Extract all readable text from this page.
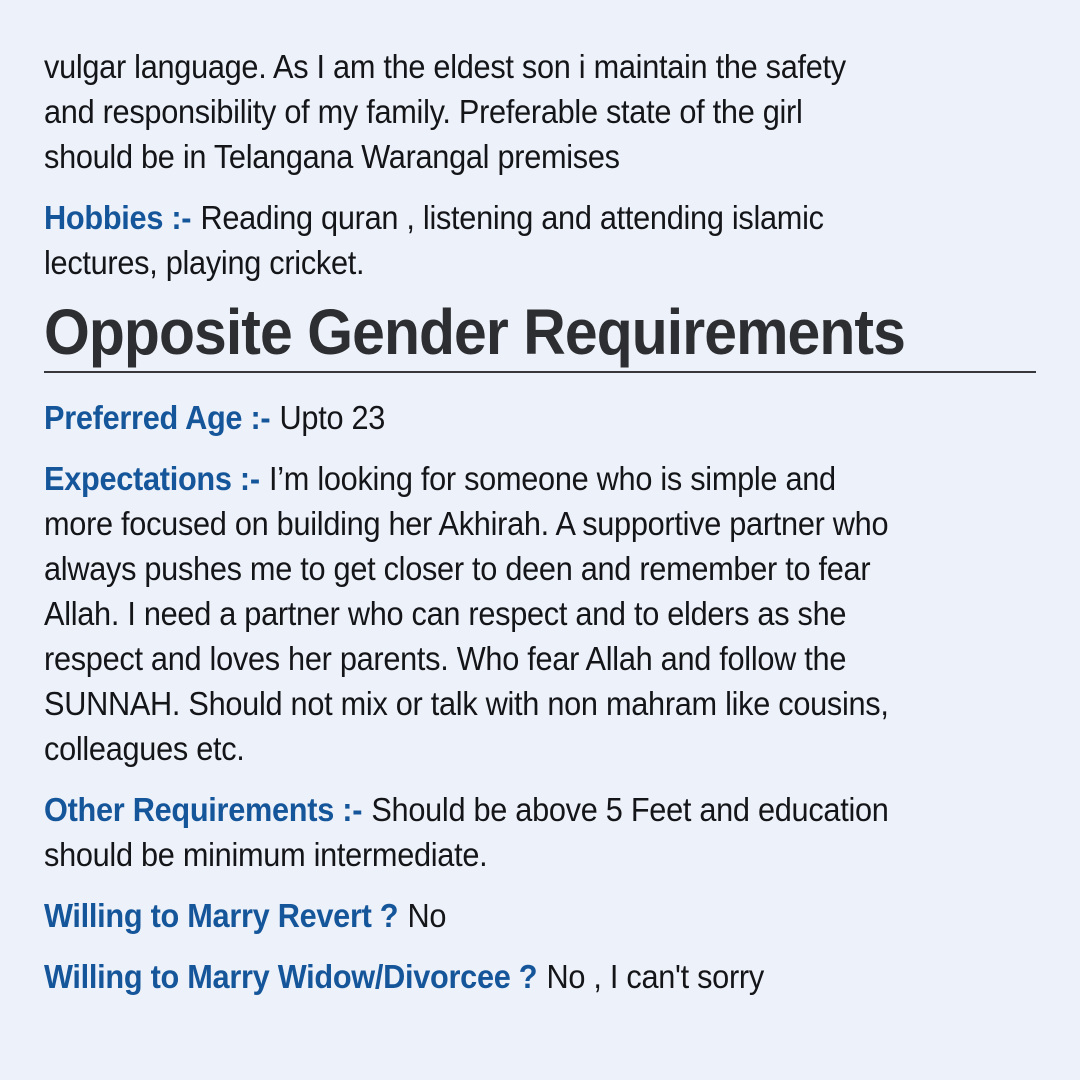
vulgar language. As I am the eldest son i maintain the safety
and responsibility of my family. Preferable state of the girl
should be in Telangana Warangal premises

Hobbies :- Reading quran , listening and attending islamic
lectures, playing cricket.

Opposite Gender Requirements

Preferred Age :- Upto 23

Expectations :- I’m looking for someone who is simple and
more focused on building her Akhirah. A supportive partner who
always pushes me to get closer to deen and remember to fear
Allah. I need a partner who can respect and to elders as she
respect and loves her parents. Who fear Allah and follow the
SUNNAH. Should not mix or talk with non mahram like cousins,
colleagues etc.

Other Requirements :- Should be above 5 Feet and education
should be minimum intermediate.

Willing to Marry Revert ? No

Willing to Marry Widow/Divorcee ? No , I can't sorry
